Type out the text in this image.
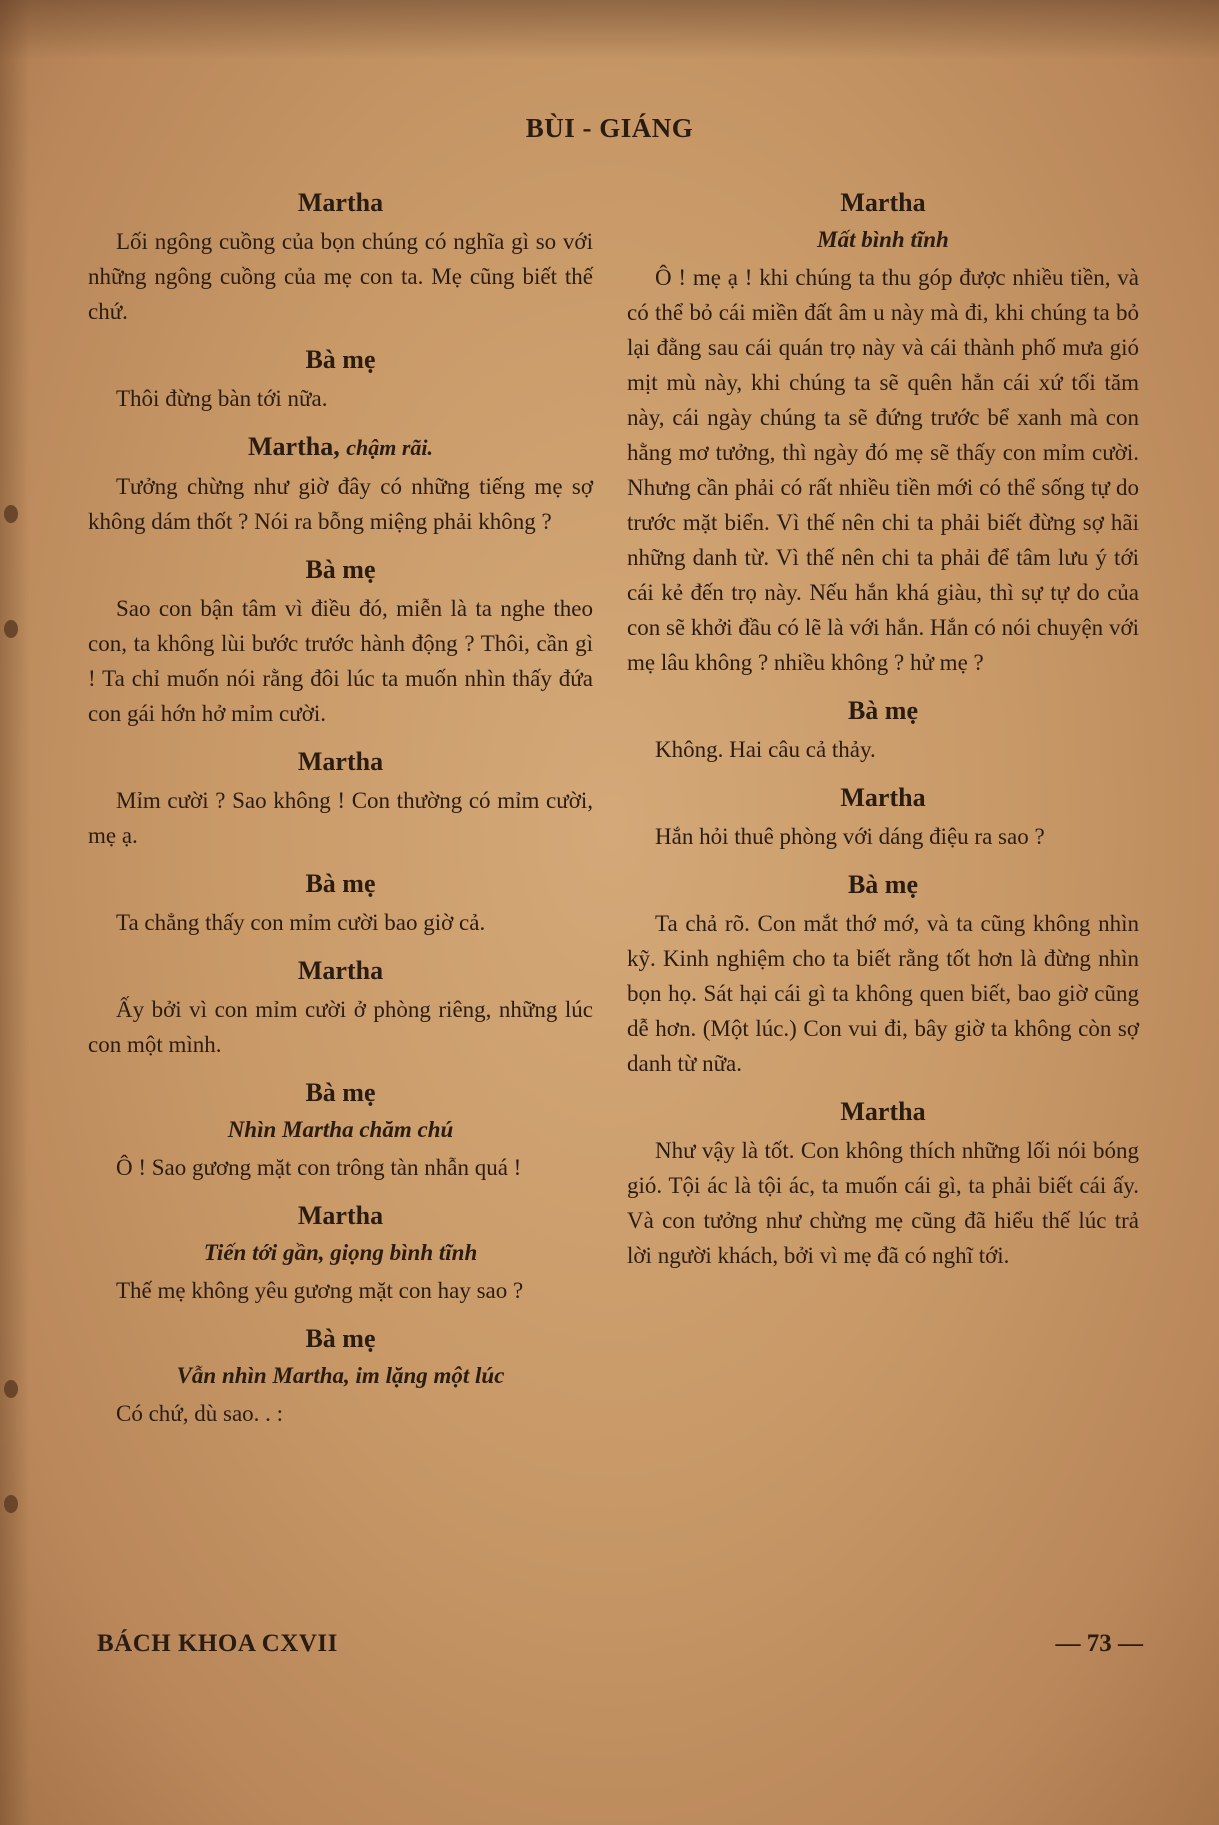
BÙI - GIÁNG
Martha

Lối ngông cuồng của bọn chúng có nghĩa gì so với những ngông cuồng của mẹ con ta. Mẹ cũng biết thế chứ.

Bà mẹ

Thôi đừng bàn tới nữa.

Martha, chậm rãi.

Tưởng chừng như giờ đây có những tiếng mẹ sợ không dám thốt ? Nói ra bỗng miệng phải không ?

Bà mẹ

Sao con bận tâm vì điều đó, miễn là ta nghe theo con, ta không lùi bước trước hành động ? Thôi, cần gì ! Ta chỉ muốn nói rằng đôi lúc ta muốn nhìn thấy đứa con gái hớn hở mỉm cười.

Martha

Mỉm cười ? Sao không ! Con thường có mỉm cười, mẹ ạ.

Bà mẹ

Ta chẳng thấy con mỉm cười bao giờ cả.

Martha

Ấy bởi vì con mỉm cười ở phòng riêng, những lúc con một mình.

Bà mẹ
Nhìn Martha chăm chú

Ô ! Sao gương mặt con trông tàn nhẫn quá !

Martha
Tiến tới gần, giọng bình tĩnh

Thế mẹ không yêu gương mặt con hay sao ?

Bà mẹ
Vẫn nhìn Martha, im lặng một lúc

Có chứ, dù sao. . :

Martha
Mất bình tĩnh

Ô ! mẹ ạ ! khi chúng ta thu góp được nhiều tiền, và có thể bỏ cái miền đất âm u này mà đi, khi chúng ta bỏ lại đằng sau cái quán trọ này và cái thành phố mưa gió mịt mù này, khi chúng ta sẽ quên hẳn cái xứ tối tăm này, cái ngày chúng ta sẽ đứng trước bể xanh mà con hằng mơ tưởng, thì ngày đó mẹ sẽ thấy con mỉm cười. Nhưng cần phải có rất nhiều tiền mới có thể sống tự do trước mặt biển. Vì thế nên chi ta phải biết đừng sợ hãi những danh từ. Vì thế nên chi ta phải để tâm lưu ý tới cái kẻ đến trọ này. Nếu hắn khá giàu, thì sự tự do của con sẽ khởi đầu có lẽ là với hắn. Hắn có nói chuyện với mẹ lâu không ? nhiều không ? hử mẹ ?

Bà mẹ

Không. Hai câu cả thảy.

Martha

Hắn hỏi thuê phòng với dáng điệu ra sao ?

Bà mẹ

Ta chả rõ. Con mắt thớ mớ, và ta cũng không nhìn kỹ. Kinh nghiệm cho ta biết rằng tốt hơn là đừng nhìn bọn họ. Sát hại cái gì ta không quen biết, bao giờ cũng dễ hơn. (Một lúc.) Con vui đi, bây giờ ta không còn sợ danh từ nữa.

Martha

Như vậy là tốt. Con không thích những lối nói bóng gió. Tội ác là tội ác, ta muốn cái gì, ta phải biết cái ấy. Và con tưởng như chừng mẹ cũng đã hiểu thế lúc trả lời người khách, bởi vì mẹ đã có nghĩ tới.

BÁCH KHOA CXVII	— 73 —
